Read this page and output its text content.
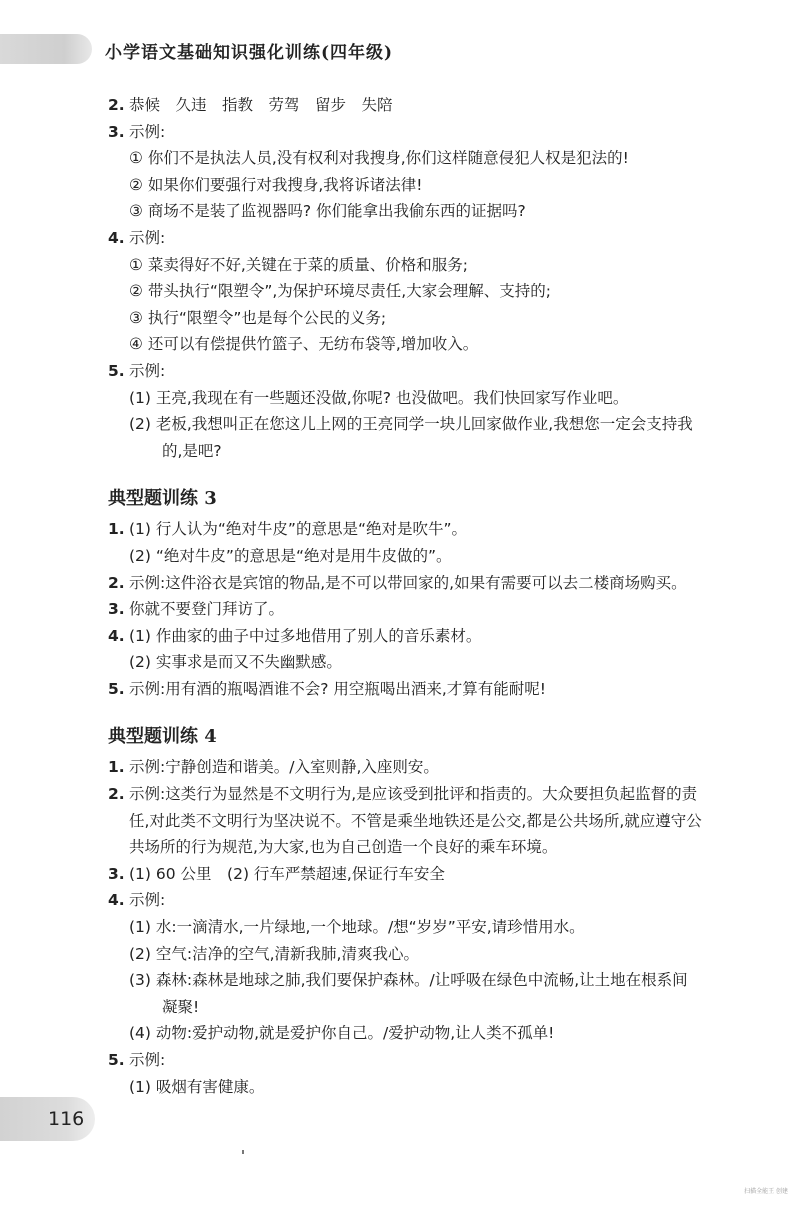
小学语文基础知识强化训练(四年级)
2. 恭候　久违　指教　劳驾　留步　失陪
3. 示例:
① 你们不是执法人员,没有权利对我搜身,你们这样随意侵犯人权是犯法的!
② 如果你们要强行对我搜身,我将诉诸法律!
③ 商场不是装了监视器吗? 你们能拿出我偷东西的证据吗?
4. 示例:
① 菜卖得好不好,关键在于菜的质量、价格和服务;
② 带头执行“限塑令”,为保护环境尽责任,大家会理解、支持的;
③ 执行“限塑令”也是每个公民的义务;
④ 还可以有偿提供竹篮子、无纺布袋等,增加收入。
5. 示例:
(1) 王亮,我现在有一些题还没做,你呢? 也没做吧。我们快回家写作业吧。
(2) 老板,我想叫正在您这儿上网的王亮同学一块儿回家做作业,我想您一定会支持我
的,是吧?
典型题训练 3
1. (1) 行人认为“绝对牛皮”的意思是“绝对是吹牛”。
(2) “绝对牛皮”的意思是“绝对是用牛皮做的”。
2. 示例:这件浴衣是宾馆的物品,是不可以带回家的,如果有需要可以去二楼商场购买。
3. 你就不要登门拜访了。
4. (1) 作曲家的曲子中过多地借用了别人的音乐素材。
(2) 实事求是而又不失幽默感。
5. 示例:用有酒的瓶喝酒谁不会? 用空瓶喝出酒来,才算有能耐呢!
典型题训练 4
1. 示例:宁静创造和谐美。/入室则静,入座则安。
2. 示例:这类行为显然是不文明行为,是应该受到批评和指责的。大众要担负起监督的责
任,对此类不文明行为坚决说不。不管是乘坐地铁还是公交,都是公共场所,就应遵守公
共场所的行为规范,为大家,也为自己创造一个良好的乘车环境。
3. (1) 60 公里　(2) 行车严禁超速,保证行车安全
4. 示例:
(1) 水:一滴清水,一片绿地,一个地球。/想“岁岁”平安,请珍惜用水。
(2) 空气:洁净的空气,清新我肺,清爽我心。
(3) 森林:森林是地球之肺,我们要保护森林。/让呼吸在绿色中流畅,让土地在根系间
凝聚!
(4) 动物:爱护动物,就是爱护你自己。/爱护动物,让人类不孤单!
5. 示例:
(1) 吸烟有害健康。
116
扫描全能王 创建
